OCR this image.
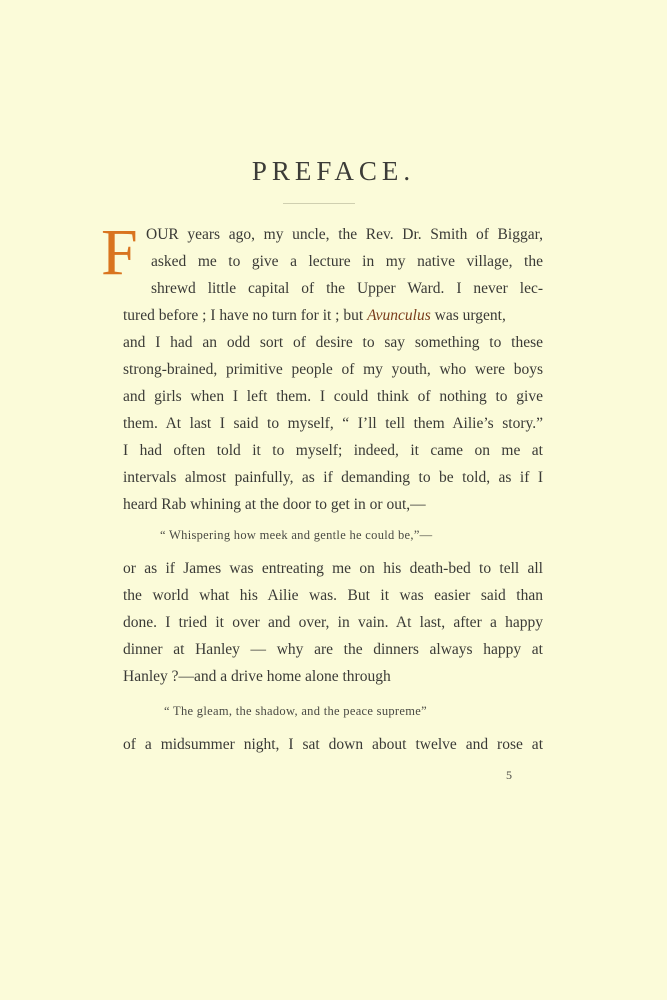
PREFACE.
F OUR years ago, my uncle, the Rev. Dr. Smith of Biggar,
asked me to give a lecture in my native village, the
shrewd little capital of the Upper Ward. I never lec-
tured before ; I have no turn for it ; but Avunculus was urgent,
and I had an odd sort of desire to say something to these
strong-brained, primitive people of my youth, who were boys
and girls when I left them. I could think of nothing to give
them. At last I said to myself, “ I’ll tell them Ailie’s story.”
I had often told it to myself; indeed, it came on me at
intervals almost painfully, as if demanding to be told, as if I
heard Rab whining at the door to get in or out,—
“ Whispering how meek and gentle he could be,”—
or as if James was entreating me on his death-bed to tell all
the world what his Ailie was. But it was easier said than
done. I tried it over and over, in vain. At last, after a happy
dinner at Hanley — why are the dinners always happy at
Hanley ?—and a drive home alone through
“ The gleam, the shadow, and the peace supreme”
of a midsummer night, I sat down about twelve and rose at
5
